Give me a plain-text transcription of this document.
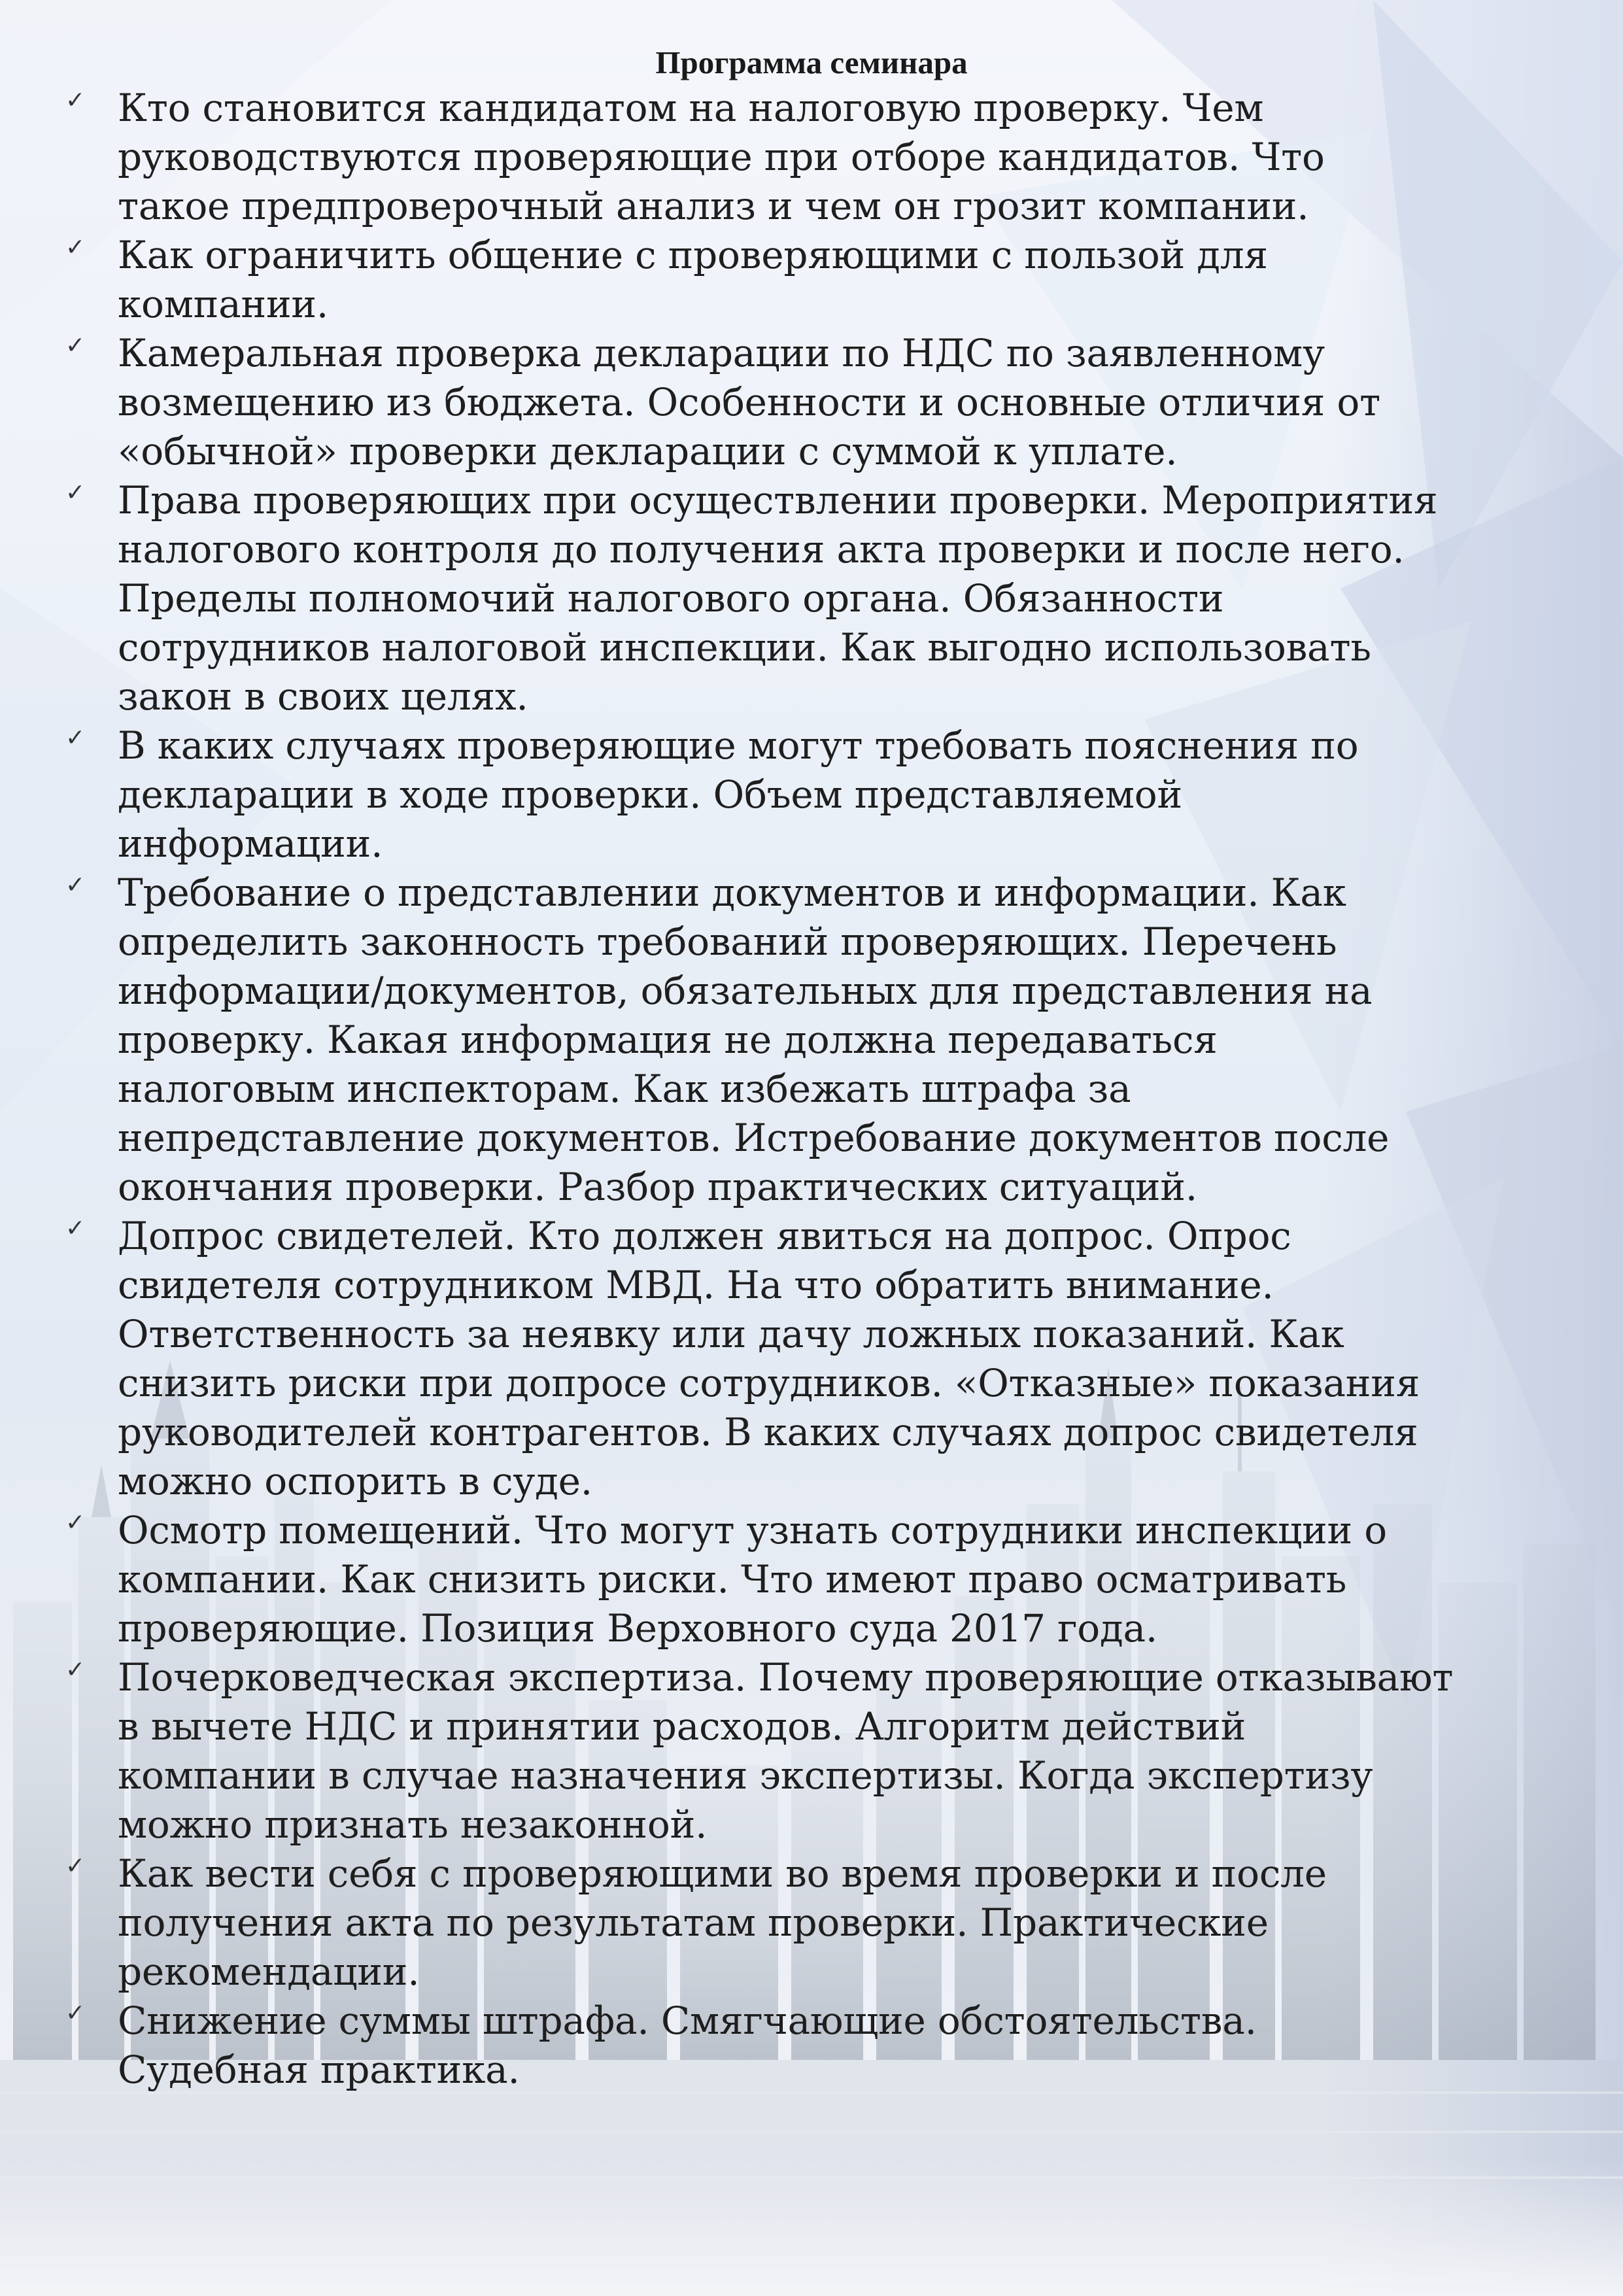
Программа семинара
✓ Кто становится кандидатом на налоговую проверку. Чем
руководствуются проверяющие при отборе кандидатов. Что
такое предпроверочный анализ и чем он грозит компании.
✓ Как ограничить общение с проверяющими с пользой для
компании.
✓ Камеральная проверка декларации по НДС по заявленному
возмещению из бюджета. Особенности и основные отличия от
«обычной» проверки декларации с суммой к уплате.
✓ Права проверяющих при осуществлении проверки. Мероприятия
налогового контроля до получения акта проверки и после него.
Пределы полномочий налогового органа. Обязанности
сотрудников налоговой инспекции. Как выгодно использовать
закон в своих целях.
✓ В каких случаях проверяющие могут требовать пояснения по
декларации в ходе проверки. Объем представляемой
информации.
✓ Требование о представлении документов и информации. Как
определить законность требований проверяющих. Перечень
информации/документов, обязательных для представления на
проверку. Какая информация не должна передаваться
налоговым инспекторам. Как избежать штрафа за
непредставление документов. Истребование документов после
окончания проверки. Разбор практических ситуаций.
✓ Допрос свидетелей. Кто должен явиться на допрос. Опрос
свидетеля сотрудником МВД. На что обратить внимание.
Ответственность за неявку или дачу ложных показаний. Как
снизить риски при допросе сотрудников. «Отказные» показания
руководителей контрагентов. В каких случаях допрос свидетеля
можно оспорить в суде.
✓ Осмотр помещений. Что могут узнать сотрудники инспекции о
компании. Как снизить риски. Что имеют право осматривать
проверяющие. Позиция Верховного суда 2017 года.
✓ Почерковедческая экспертиза. Почему проверяющие отказывают
в вычете НДС и принятии расходов. Алгоритм действий
компании в случае назначения экспертизы. Когда экспертизу
можно признать незаконной.
✓ Как вести себя с проверяющими во время проверки и после
получения акта по результатам проверки. Практические
рекомендации.
✓ Снижение суммы штрафа. Смягчающие обстоятельства.
Судебная практика.
